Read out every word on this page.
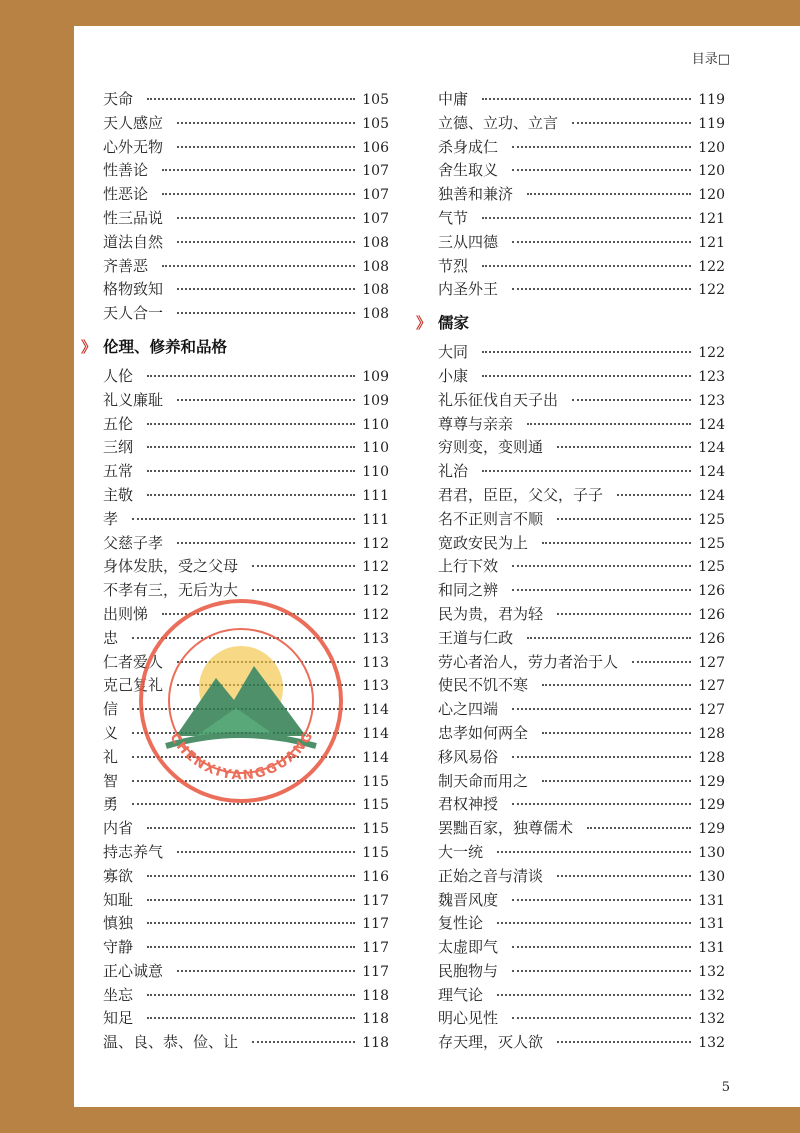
目录□
天命	105
天人感应	105
心外无物	106
性善论	107
性恶论	107
性三品说	107
道法自然	108
齐善恶	108
格物致知	108
天人合一	108
》 伦理、修养和品格
人伦	109
礼义廉耻	109
五伦	110
三纲	110
五常	110
主敬	111
孝	111
父慈子孝	112
身体发肤，受之父母	112
不孝有三，无后为大	112
出则悌	112
忠	113
仁者爱人	113
克己复礼	113
信	114
义	114
礼	114
智	115
勇	115
内省	115
持志养气	115
寡欲	116
知耻	117
慎独	117
守静	117
正心诚意	117
坐忘	118
知足	118
温、良、恭、俭、让	118
中庸	119
立德、立功、立言	119
杀身成仁	120
舍生取义	120
独善和兼济	120
气节	121
三从四德	121
节烈	122
内圣外王	122
》 儒家
大同	122
小康	123
礼乐征伐自天子出	123
尊尊与亲亲	124
穷则变，变则通	124
礼治	124
君君，臣臣，父父，子子	124
名不正则言不顺	125
宽政安民为上	125
上行下效	125
和同之辨	126
民为贵，君为轻	126
王道与仁政	126
劳心者治人，劳力者治于人	127
使民不饥不寒	127
心之四端	127
忠孝如何两全	128
移风易俗	128
制天命而用之	129
君权神授	129
罢黜百家，独尊儒术	129
大一统	130
正始之音与清谈	130
魏晋风度	131
复性论	131
太虚即气	131
民胞物与	132
理气论	132
明心见性	132
存天理，灭人欲	132
CHENXIYANGGUANG
5
